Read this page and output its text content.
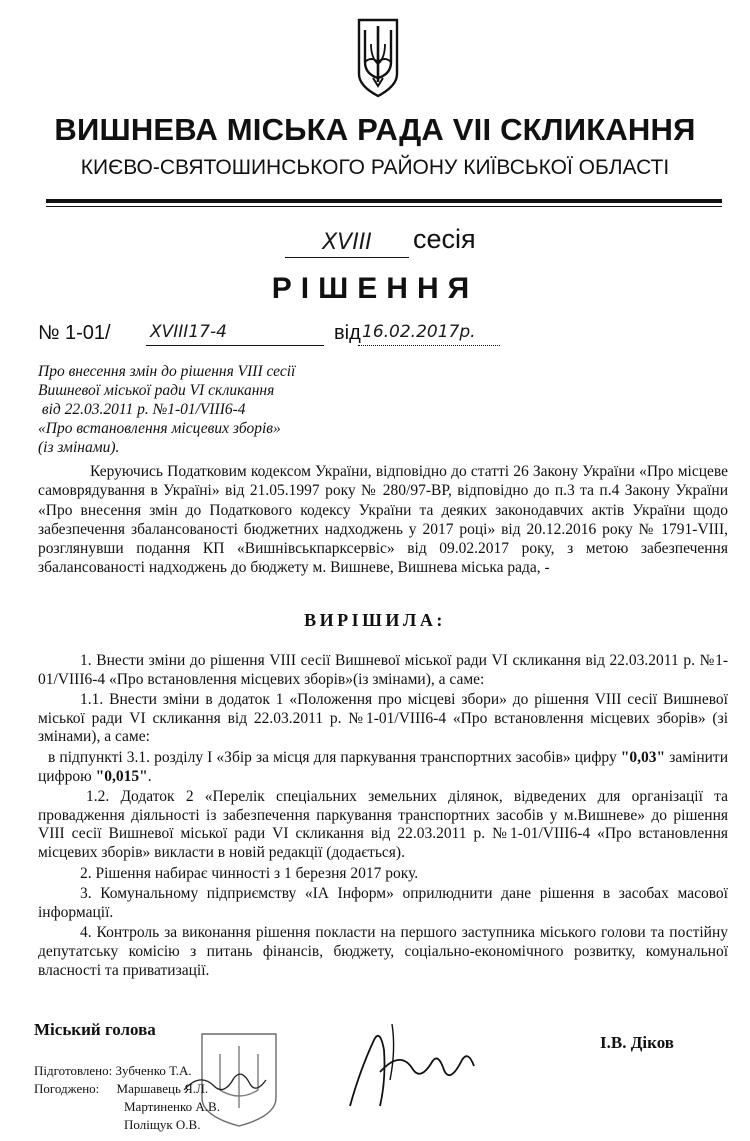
ВИШНЕВА МІСЬКА РАДА VII СКЛИКАННЯ
КИЄВО-СВЯТОШИНСЬКОГО РАЙОНУ КИЇВСЬКОЇ ОБЛАСТІ
XVIII	сесія
РІШЕННЯ
№ 1-01/ XVIII17-4	від 16.02.2017р.
Про внесення змін до рішення VIII сесії
Вишневої міської ради VI скликання
від 22.03.2011 р. №1-01/VIII6-4
«Про встановлення місцевих зборів»
(із змінами).

Керуючись Податковим кодексом України, відповідно до статті 26 Закону України «Про місцеве самоврядування в Україні» від 21.05.1997 року № 280/97-ВР, відповідно до п.3 та п.4 Закону України «Про внесення змін до Податкового кодексу України та деяких законодавчих актів України щодо забезпечення збалансованості бюджетних надходжень у 2017 році» від 20.12.2016 року № 1791-VIII, розглянувши подання КП «Вишнівськпарксервіс» від 09.02.2017 року, з метою забезпечення збалансованості надходжень до бюджету м. Вишневе, Вишнева міська рада, -

ВИРІШИЛА:

1. Внести зміни до рішення VIII сесії Вишневої міської ради VI скликання від 22.03.2011 р. №1-01/VIII6-4 «Про встановлення місцевих зборів»(із змінами), а саме:

1.1. Внести зміни в додаток 1 «Положення про місцеві збори» до рішення VIII сесії Вишневої міської ради VI скликання від 22.03.2011 р. №1-01/VIII6-4 «Про встановлення місцевих зборів» (зі змінами), а саме:

в підпункті 3.1. розділу І «Збір за місця для паркування транспортних засобів» цифру "0,03" замінити цифрою "0,015".

1.2. Додаток 2 «Перелік спеціальних земельних ділянок, відведених для організації та провадження діяльності із забезпечення паркування транспортних засобів у м.Вишневе» до рішення VIII сесії Вишневої міської ради VI скликання від 22.03.2011 р. №1-01/VIII6-4 «Про встановлення місцевих зборів» викласти в новій редакції (додається).

2. Рішення набирає чинності з 1 березня 2017 року.

3. Комунальному підприємству «ІА Інформ» оприлюднити дане рішення в засобах масової інформації.

4. Контроль за виконання рішення покласти на першого заступника міського голови та постійну депутатську комісію з питань фінансів, бюджету, соціально-економічного розвитку, комунальної власності та приватизації.

Міський голова
І.В. Діков
Підготовлено: Зубченко Т.А.
Погоджено: Маршавець Я.Л.
Мартиненко А.В.
Поліщук О.В.
